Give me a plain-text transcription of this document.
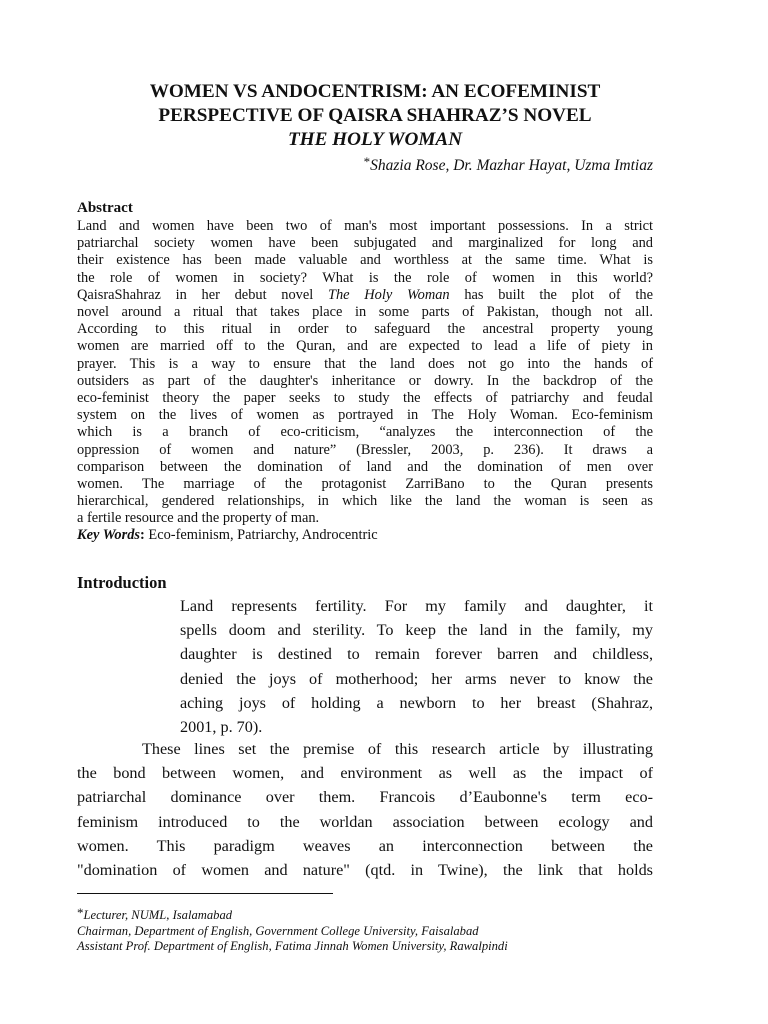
WOMEN VS ANDOCENTRISM: AN ECOFEMINIST
PERSPECTIVE OF QAISRA SHAHRAZ’S NOVEL
THE HOLY WOMAN
*Shazia Rose, Dr. Mazhar Hayat, Uzma Imtiaz
Abstract
Land and women have been two of man's most important possessions. In a strict
patriarchal society women have been subjugated and marginalized for long and
their existence has been made valuable and worthless at the same time. What is
the role of women in society? What is the role of women in this world?
QaisraShahraz in her debut novel The Holy Woman has built the plot of the
novel around a ritual that takes place in some parts of Pakistan, though not all.
According to this ritual in order to safeguard the ancestral property young
women are married off to the Quran, and are expected to lead a life of piety in
prayer. This is a way to ensure that the land does not go into the hands of
outsiders as part of the daughter's inheritance or dowry. In the backdrop of the
eco-feminist theory the paper seeks to study the effects of patriarchy and feudal
system on the lives of women as portrayed in The Holy Woman. Eco-feminism
which is a branch of eco-criticism, “analyzes the interconnection of the
oppression of women and nature” (Bressler, 2003, p. 236). It draws a
comparison between the domination of land and the domination of men over
women. The marriage of the protagonist ZarriBano to the Quran presents
hierarchical, gendered relationships, in which like the land the woman is seen as
a fertile resource and the property of man.
Key Words: Eco-feminism, Patriarchy, Androcentric
Introduction
Land represents fertility. For my family and daughter, it
spells doom and sterility. To keep the land in the family, my
daughter is destined to remain forever barren and childless,
denied the joys of motherhood; her arms never to know the
aching joys of holding a newborn to her breast (Shahraz,
2001, p. 70).
These lines set the premise of this research article by illustrating
the bond between women, and environment as well as the impact of
patriarchal dominance over them. Francois d’Eaubonne's term eco-
feminism introduced to the worldan association between ecology and
women. This paradigm weaves an interconnection between the
"domination of women and nature" (qtd. in Twine), the link that holds
*Lecturer, NUML, Isalamabad
Chairman, Department of English, Government College University, Faisalabad
Assistant Prof. Department of English, Fatima Jinnah Women University, Rawalpindi
